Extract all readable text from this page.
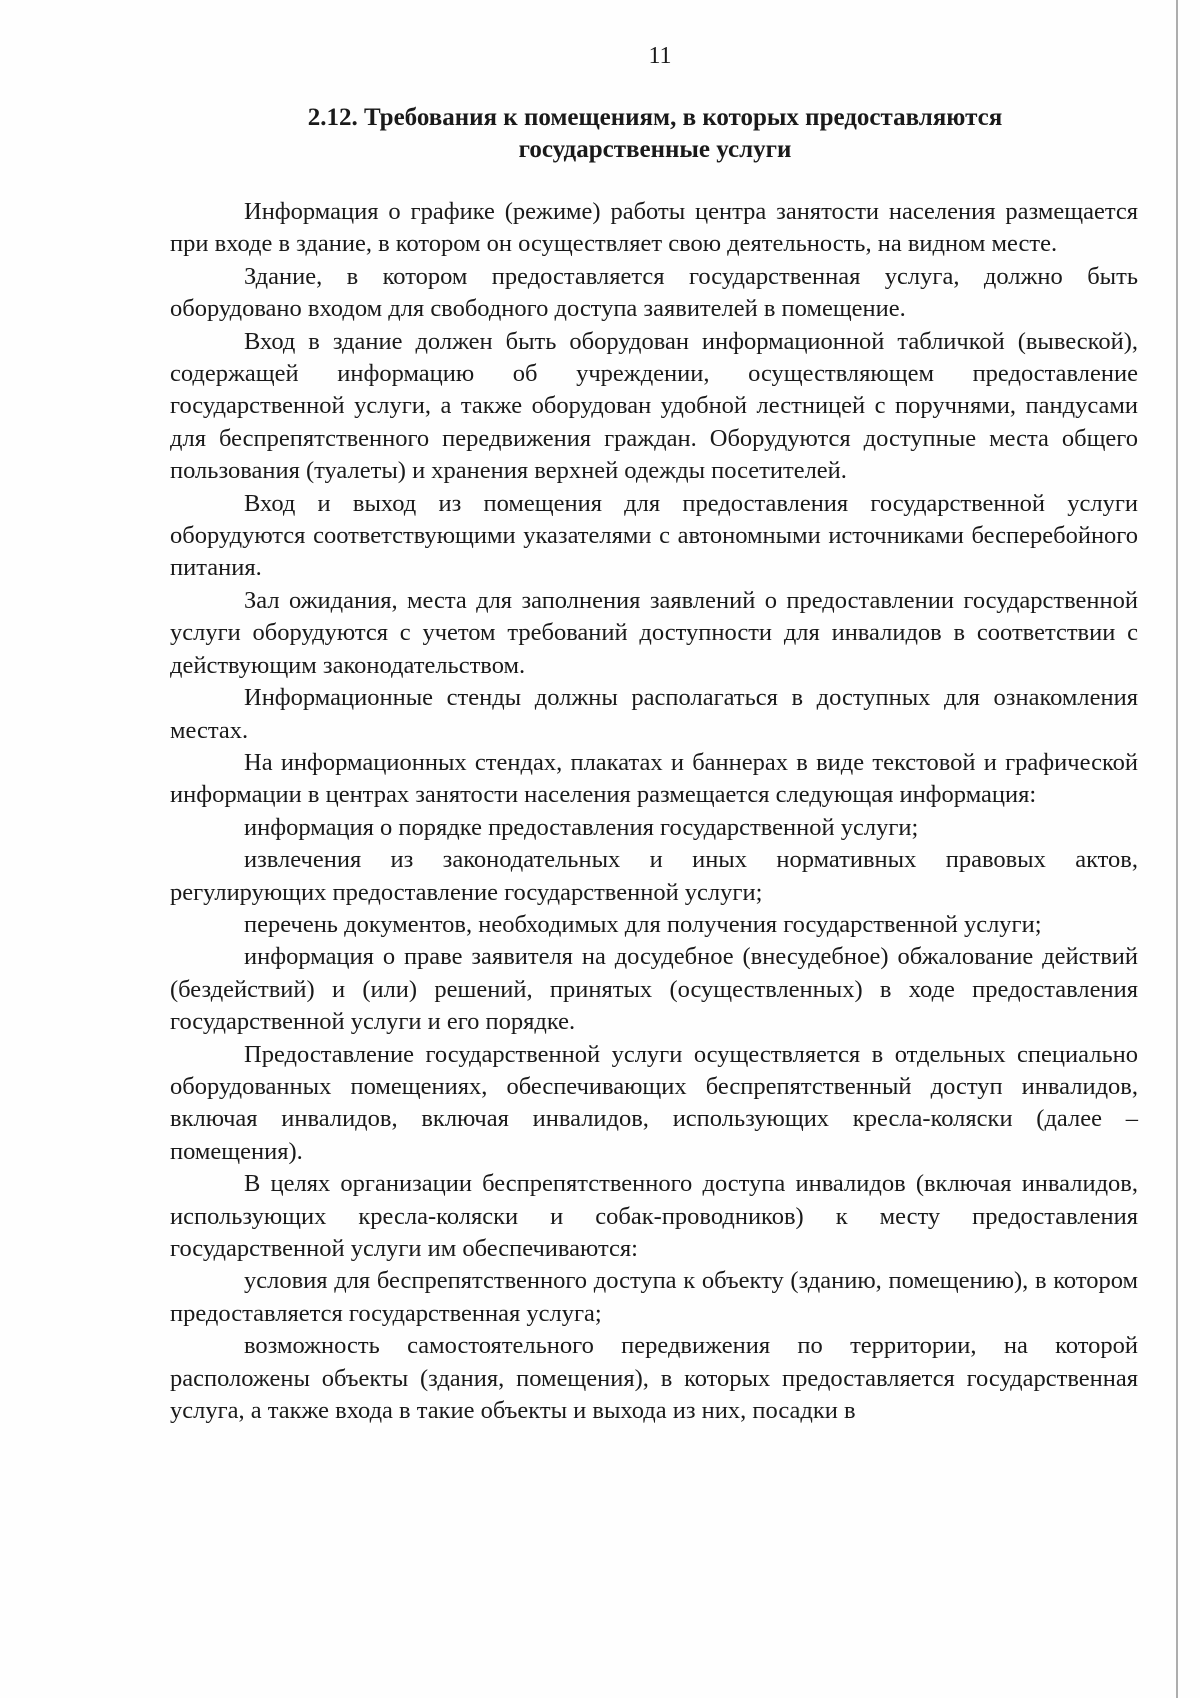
11
2.12. Требования к помещениям, в которых предоставляются
государственные услуги

Информация о графике (режиме) работы центра занятости населения размещается при входе в здание, в котором он осуществляет свою деятельность, на видном месте.

Здание, в котором предоставляется государственная услуга, должно быть оборудовано входом для свободного доступа заявителей в помещение.

Вход в здание должен быть оборудован информационной табличкой (вывеской), содержащей информацию об учреждении, осуществляющем предоставление государственной услуги, а также оборудован удобной лестницей с поручнями, пандусами для беспрепятственного передвижения граждан. Оборудуются доступные места общего пользования (туалеты) и хранения верхней одежды посетителей.

Вход и выход из помещения для предоставления государственной услуги оборудуются соответствующими указателями с автономными источниками бесперебойного питания.

Зал ожидания, места для заполнения заявлений о предоставлении государственной услуги оборудуются с учетом требований доступности для инвалидов в соответствии с действующим законодательством.

Информационные стенды должны располагаться в доступных для ознакомления местах.

На информационных стендах, плакатах и баннерах в виде текстовой и графической информации в центрах занятости населения размещается следующая информация:

информация о порядке предоставления государственной услуги;

извлечения из законодательных и иных нормативных правовых актов, регулирующих предоставление государственной услуги;

перечень документов, необходимых для получения государственной услуги;

информация о праве заявителя на досудебное (внесудебное) обжалование действий (бездействий) и (или) решений, принятых (осуществленных) в ходе предоставления государственной услуги и его порядке.

Предоставление государственной услуги осуществляется в отдельных специально оборудованных помещениях, обеспечивающих беспрепятственный доступ инвалидов, включая инвалидов, включая инвалидов, использующих кресла-коляски (далее – помещения).

В целях организации беспрепятственного доступа инвалидов (включая инвалидов, использующих кресла-коляски и собак-проводников) к месту предоставления государственной услуги им обеспечиваются:

условия для беспрепятственного доступа к объекту (зданию, помещению), в котором предоставляется государственная услуга;

возможность самостоятельного передвижения по территории, на которой расположены объекты (здания, помещения), в которых предоставляется государственная услуга, а также входа в такие объекты и выхода из них, посадки в
